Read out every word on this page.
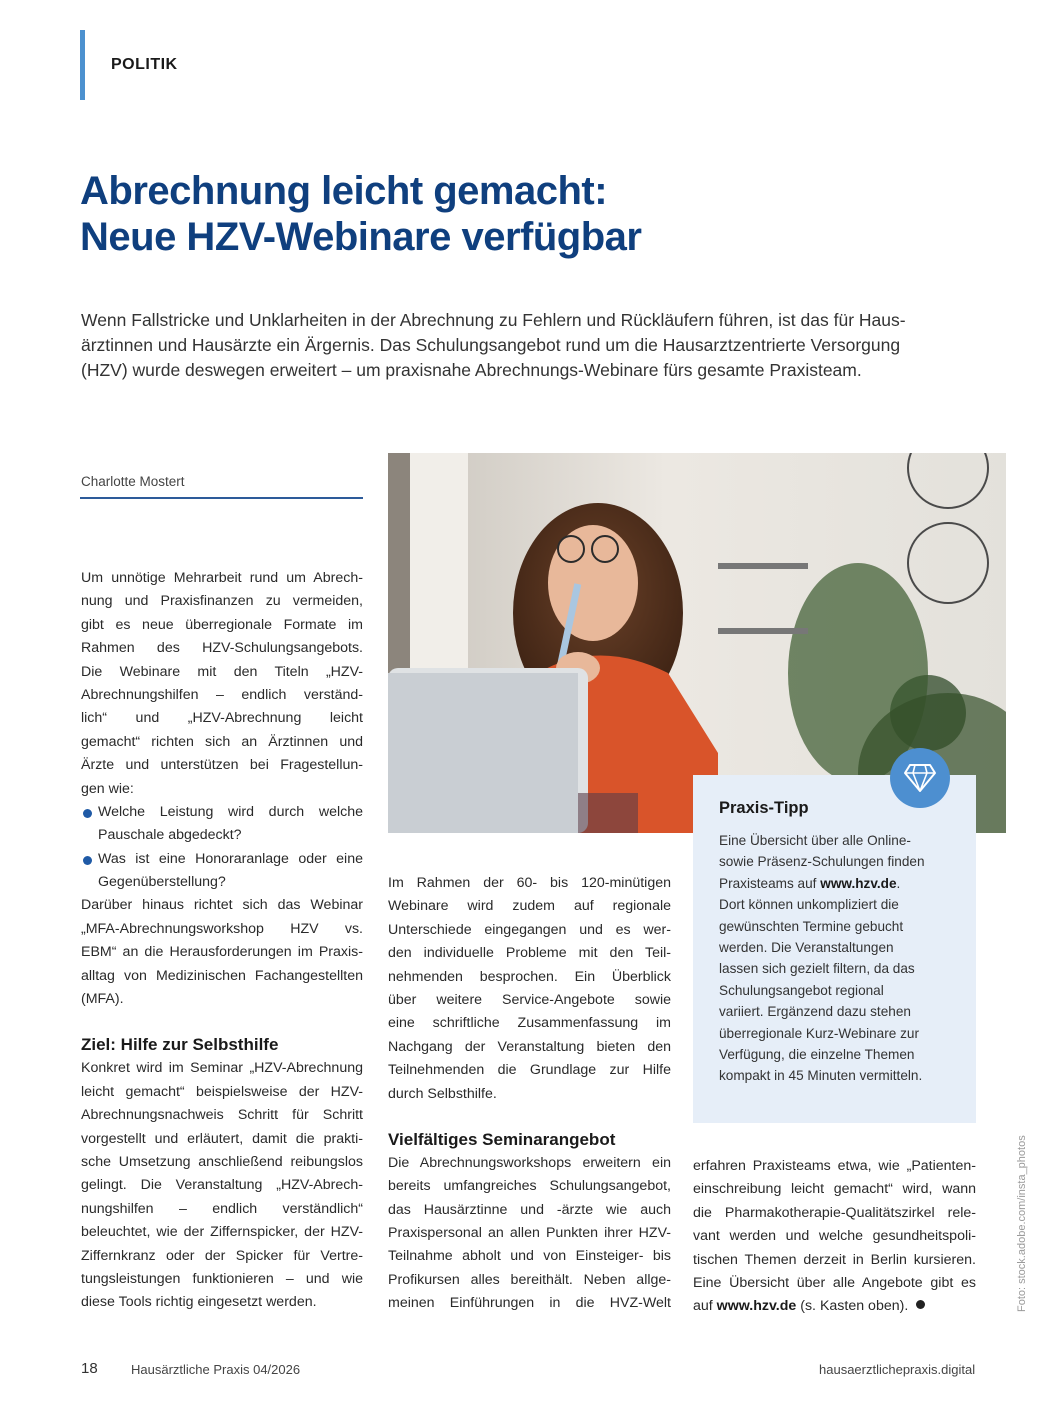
POLITIK
Abrechnung leicht gemacht:
Neue HZV-Webinare verfügbar
Wenn Fallstricke und Unklarheiten in der Abrechnung zu Fehlern und Rückläufern führen, ist das für Haus-
ärztinnen und Hausärzte ein Ärgernis. Das Schulungsangebot rund um die Hausarztzentrierte Versorgung
(HZV) wurde deswegen erweitert – um praxisnahe Abrechnungs-Webinare fürs gesamte Praxisteam.
Charlotte Mostert
Um unnötige Mehrarbeit rund um Abrech-
nung und Praxisfinanzen zu vermeiden,
gibt es neue überregionale Formate im
Rahmen des HZV-Schulungsangebots.
Die Webinare mit den Titeln „HZV-
Abrechnungshilfen – endlich verständ-
lich“ und „HZV-Abrechnung leicht
gemacht“ richten sich an Ärztinnen und
Ärzte und unterstützen bei Fragestellun-
gen wie:
Welche Leistung wird durch welche
Pauschale abgedeckt?
Was ist eine Honoraranlage oder eine
Gegenüberstellung?
Darüber hinaus richtet sich das Webinar
„MFA-Abrechnungsworkshop HZV vs.
EBM“ an die Herausforderungen im Praxis-
alltag von Medizinischen Fachangestellten
(MFA).
Ziel: Hilfe zur Selbsthilfe
Konkret wird im Seminar „HZV-Abrechnung
leicht gemacht“ beispielsweise der HZV-
Abrechnungsnachweis Schritt für Schritt
vorgestellt und erläutert, damit die prakti-
sche Umsetzung anschließend reibungslos
gelingt. Die Veranstaltung „HZV-Abrech-
nungshilfen – endlich verständlich“
beleuchtet, wie der Ziffernspicker, der HZV-
Ziffernkranz oder der Spicker für Vertre-
tungsleistungen funktionieren – und wie
diese Tools richtig eingesetzt werden.
Im Rahmen der 60- bis 120-minütigen
Webinare wird zudem auf regionale
Unterschiede eingegangen und es wer-
den individuelle Probleme mit den Teil-
nehmenden besprochen. Ein Überblick
über weitere Service-Angebote sowie
eine schriftliche Zusammenfassung im
Nachgang der Veranstaltung bieten den
Teilnehmenden die Grundlage zur Hilfe
durch Selbsthilfe.
Vielfältiges Seminarangebot
Die Abrechnungsworkshops erweitern ein
bereits umfangreiches Schulungsangebot,
das Hausärztinne und -ärzte wie auch
Praxispersonal an allen Punkten ihrer HZV-
Teilnahme abholt und von Einsteiger- bis
Profikursen alles bereithält. Neben allge-
meinen Einführungen in die HVZ-Welt
Praxis-Tipp
Eine Übersicht über alle Online-
sowie Präsenz-Schulungen finden
Praxisteams auf www.hzv.de.
Dort können unkompliziert die
gewünschten Termine gebucht
werden. Die Veranstaltungen
lassen sich gezielt filtern, da das
Schulungsangebot regional
variiert. Ergänzend dazu stehen
überregionale Kurz-Webinare zur
Verfügung, die einzelne Themen
kompakt in 45 Minuten vermitteln.
erfahren Praxisteams etwa, wie „Patienten-
einschreibung leicht gemacht“ wird, wann
die Pharmakotherapie-Qualitätszirkel rele-
vant werden und welche gesundheitspoli-
tischen Themen derzeit in Berlin kursieren.
Eine Übersicht über alle Angebote gibt es
auf www.hzv.de (s. Kasten oben).	Foto: stock.adobe.com/insta_photos
18	Hausärztliche Praxis 04/2026	hausaerztlichepraxis.digital
